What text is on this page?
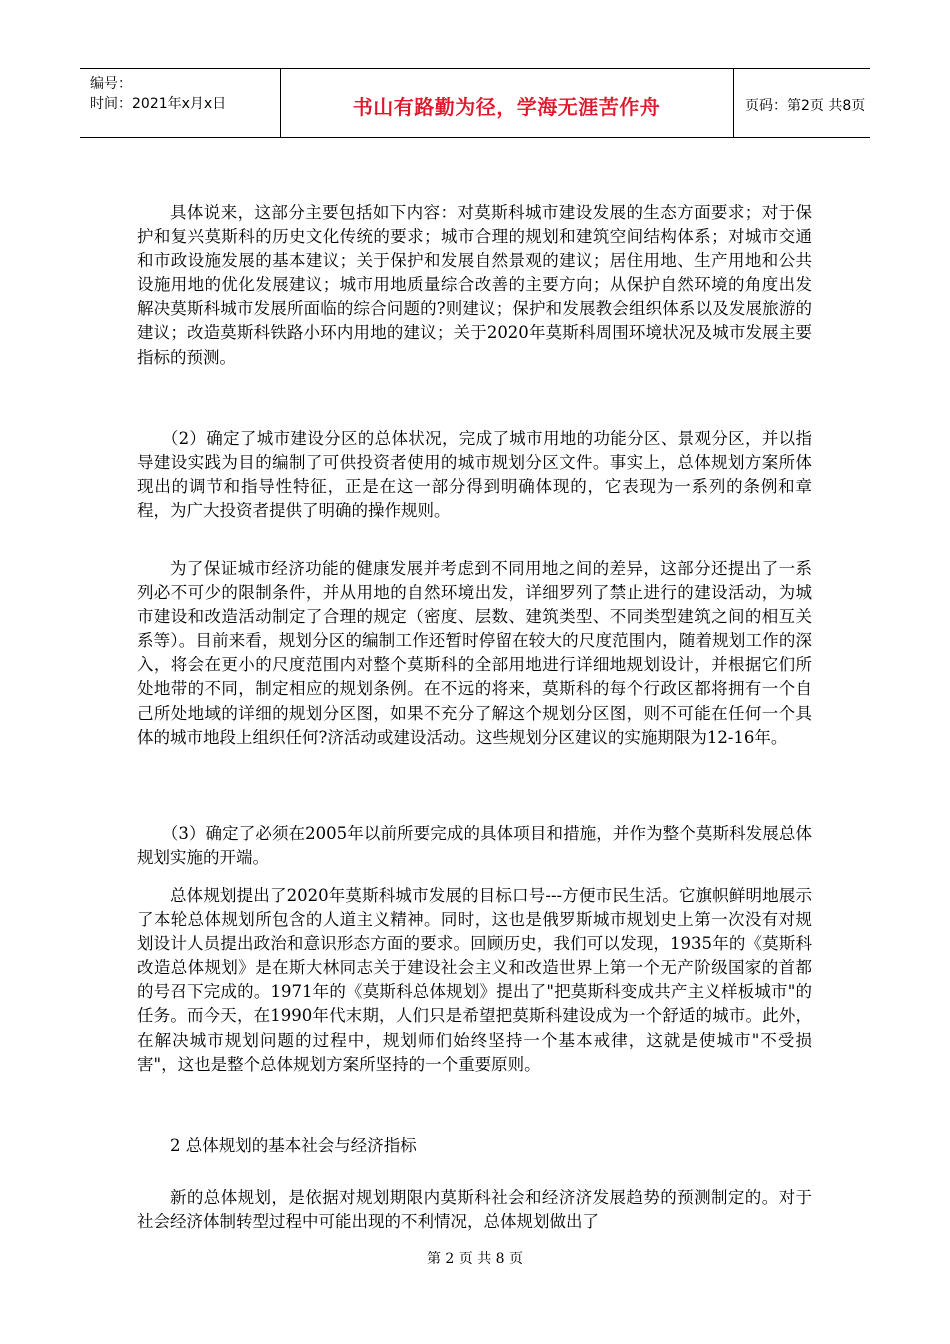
编号：
时间：2021年x月x日	书山有路勤为径，学海无涯苦作舟	页码：第2页 共8页

具体说来，这部分主要包括如下内容：对莫斯科城市建设发展的生态方面要求；对于保护和复兴莫斯科的历史文化传统的要求；城市合理的规划和建筑空间结构体系；对城市交通和市政设施发展的基本建议；关于保护和发展自然景观的建议；居住用地、生产用地和公共设施用地的优化发展建议；城市用地质量综合改善的主要方向；从保护自然环境的角度出发解决莫斯科城市发展所面临的综合问题的?则建议；保护和发展教会组织体系以及发展旅游的建议；改造莫斯科铁路小环内用地的建议；关于2020年莫斯科周围环境状况及城市发展主要指标的预测。

（2）确定了城市建设分区的总体状况，完成了城市用地的功能分区、景观分区，并以指导建设实践为目的编制了可供投资者使用的城市规划分区文件。事实上，总体规划方案所体现出的调节和指导性特征，正是在这一部分得到明确体现的，它表现为一系列的条例和章程，为广大投资者提供了明确的操作规则。

为了保证城市经济功能的健康发展并考虑到不同用地之间的差异，这部分还提出了一系列必不可少的限制条件，并从用地的自然环境出发，详细罗列了禁止进行的建设活动，为城市建设和改造活动制定了合理的规定（密度、层数、建筑类型、不同类型建筑之间的相互关系等）。目前来看，规划分区的编制工作还暂时停留在较大的尺度范围内，随着规划工作的深入，将会在更小的尺度范围内对整个莫斯科的全部用地进行详细地规划设计，并根据它们所处地带的不同，制定相应的规划条例。在不远的将来，莫斯科的每个行政区都将拥有一个自己所处地域的详细的规划分区图，如果不充分了解这个规划分区图，则不可能在任何一个具体的城市地段上组织任何?济活动或建设活动。这些规划分区建议的实施期限为12-16年。

（3）确定了必须在2005年以前所要完成的具体项目和措施，并作为整个莫斯科发展总体规划实施的开端。

总体规划提出了2020年莫斯科城市发展的目标口号---方便市民生活。它旗帜鲜明地展示了本轮总体规划所包含的人道主义精神。同时，这也是俄罗斯城市规划史上第一次没有对规划设计人员提出政治和意识形态方面的要求。回顾历史，我们可以发现，1935年的《莫斯科改造总体规划》是在斯大林同志关于建设社会主义和改造世界上第一个无产阶级国家的首都的号召下完成的。1971年的《莫斯科总体规划》提出了"把莫斯科变成共产主义样板城市"的任务。而今天，在1990年代末期，人们只是希望把莫斯科建设成为一个舒适的城市。此外，在解决城市规划问题的过程中，规划师们始终坚持一个基本戒律，这就是使城市"不受损害"，这也是整个总体规划方案所坚持的一个重要原则。

2 总体规划的基本社会与经济指标

新的总体规划，是依据对规划期限内莫斯科社会和经济济发展趋势的预测制定的。对于社会经济体制转型过程中可能出现的不利情况，总体规划做出了

第 2 页 共 8 页
